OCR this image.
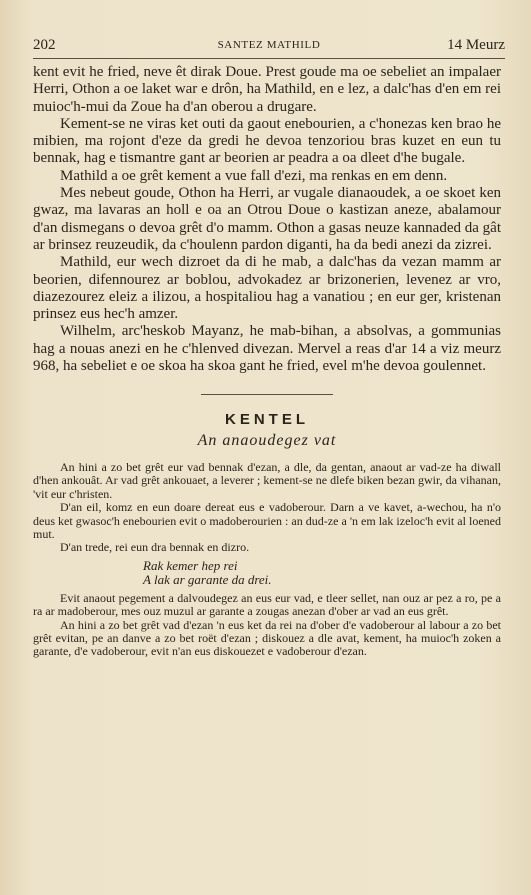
202	SANTEZ MATHILD	14 Meurz

kent evit he fried, neve êt dirak Doue. Prest goude ma oe sebeliet an impalaer Herri, Othon a oe laket war e drôn, ha Mathild, en e lez, a dalc'has d'en em rei muioc'h-mui da Zoue ha d'an oberou a drugare.

Kement-se ne viras ket outi da gaout enebourien, a c'honezas ken brao he mibien, ma rojont d'eze da gredi he devoa tenzoriou bras kuzet en eun tu bennak, hag e tismantre gant ar beorien ar peadra a oa dleet d'he bugale.

Mathild a oe grêt kement a vue fall d'ezi, ma renkas en em denn.

Mes nebeut goude, Othon ha Herri, ar vugale dianaoudek, a oe skoet ken gwaz, ma lavaras an holl e oa an Otrou Doue o kastizan aneze, abalamour d'an dismegans o devoa grêt d'o mamm. Othon a gasas neuze kannaded da gât ar brinsez reuzeudik, da c'houlenn pardon diganti, ha da bedi anezi da zizrei.

Mathild, eur wech dizroet da di he mab, a dalc'has da vezan mamm ar beorien, difennourez ar boblou, advokadez ar brizonerien, levenez ar vro, diazezourez eleiz a ilizou, a hospitaliou hag a vanatiou ; en eur ger, kristenan prinsez eus hec'h amzer.

Wilhelm, arc'heskob Mayanz, he mab-bihan, a absolvas, a gommunias hag a nouas anezi en he c'hlenved divezan. Mervel a reas d'ar 14 a viz meurz 968, ha sebeliet e oe skoa ha skoa gant he fried, evel m'he devoa goulennet.

KENTEL
An anaoudegez vat

An hini a zo bet grêt eur vad bennak d'ezan, a dle, da gentan, anaout ar vad-ze ha diwall d'hen ankouât. Ar vad grêt ankouaet, a leverer ; kement-se ne dlefe biken bezan gwir, da vihanan, 'vit eur c'hristen.

D'an eil, komz en eun doare dereat eus e vadoberour. Darn a ve kavet, a-wechou, ha n'o deus ket gwasoc'h enebourien evit o madoberourien : an dud-ze a 'n em lak izeloc'h evit al loened mut.

D'an trede, rei eun dra bennak en dizro.

Rak kemer hep rei
A lak ar garante da drei.

Evit anaout pegement a dalvoudegez an eus eur vad, e tleer sellet, nan ouz ar pez a ro, pe a ra ar madoberour, mes ouz muzul ar garante a zougas anezan d'ober ar vad an eus grêt.

An hini a zo bet grêt vad d'ezan 'n eus ket da rei na d'ober d'e vadoberour al labour a zo bet grêt evitan, pe an danve a zo bet roët d'ezan ; diskouez a dle avat, kement, ha muioc'h zoken a garante, d'e vadoberour, evit n'an eus diskouezet e vadoberour d'ezan.
